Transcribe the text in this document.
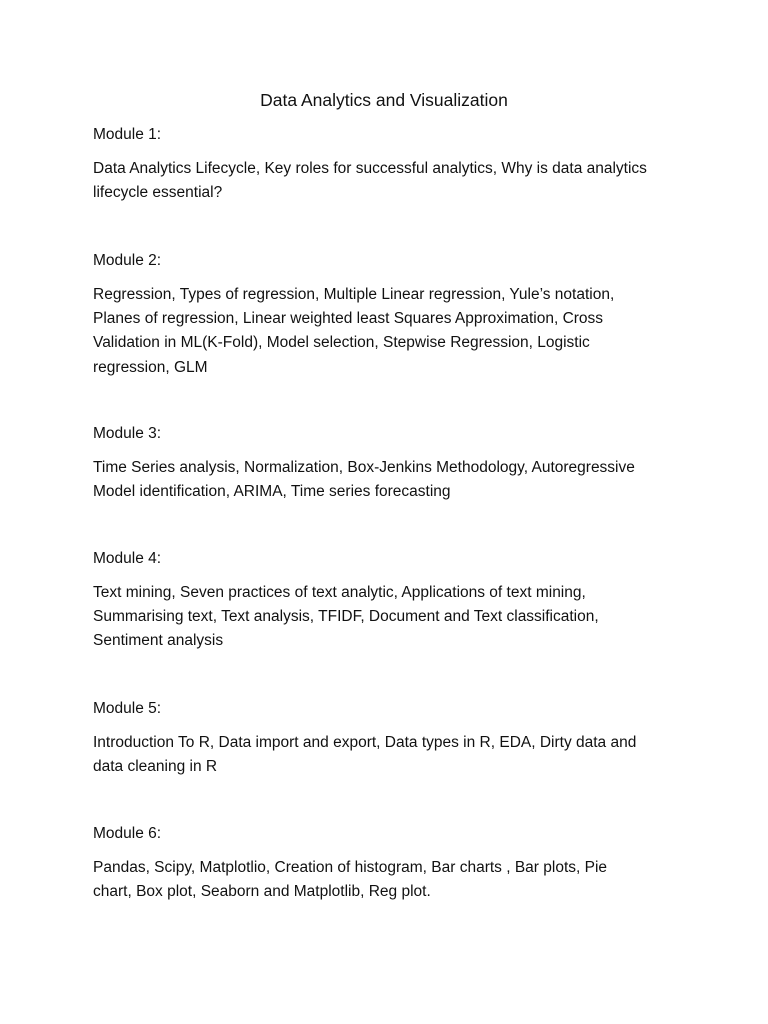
Data Analytics and Visualization

Module 1:

Data Analytics Lifecycle, Key roles for successful analytics, Why is data analytics
lifecycle essential?

Module 2:

Regression, Types of regression, Multiple Linear regression, Yule’s notation,
Planes of regression, Linear weighted least Squares Approximation, Cross
Validation in ML(K-Fold), Model selection, Stepwise Regression, Logistic
regression, GLM

Module 3:

Time Series analysis, Normalization, Box-Jenkins Methodology, Autoregressive
Model identification, ARIMA, Time series forecasting

Module 4:

Text mining, Seven practices of text analytic, Applications of text mining,
Summarising text, Text analysis, TFIDF, Document and Text classification,
Sentiment analysis

Module 5:

Introduction To R, Data import and export, Data types in R, EDA, Dirty data and
data cleaning in R

Module 6:

Pandas, Scipy, Matplotlio, Creation of histogram, Bar charts , Bar plots, Pie
chart, Box plot, Seaborn and Matplotlib, Reg plot.
